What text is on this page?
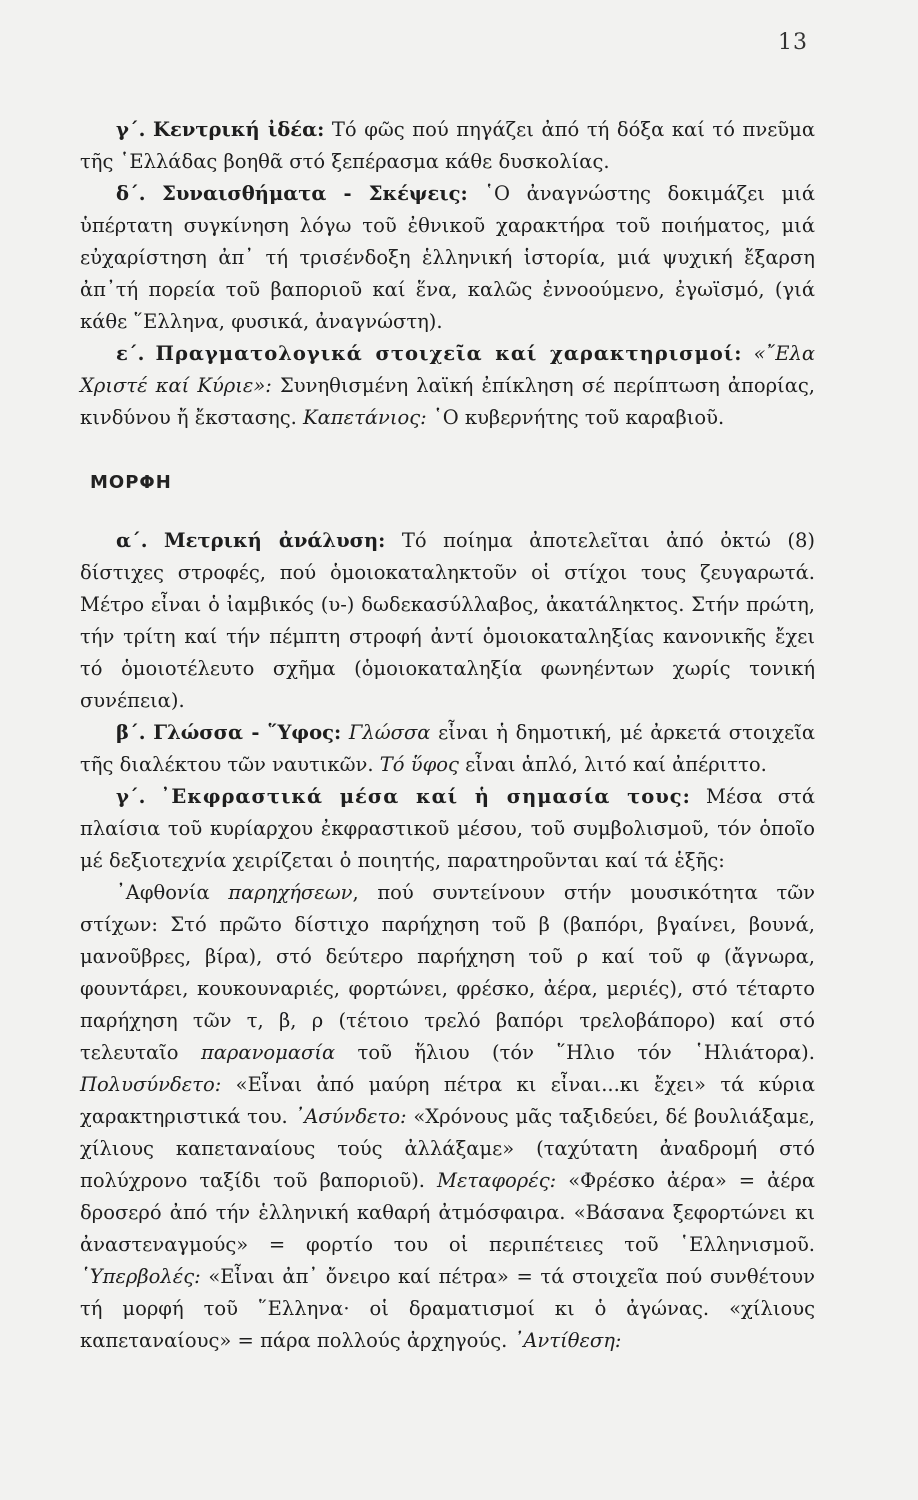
13

γ΄. Κεντρική ἰδέα: Τό φῶς πού πηγάζει ἀπό τή δόξα καί τό πνεῦμα τῆς ῾Ελλάδας βοηθᾶ στό ξεπέρασμα κάθε δυσκολίας.

δ΄. Συναισθήματα - Σκέψεις: ῾Ο ἀναγνώστης δοκιμάζει μιά ὑπέρτατη συγκίνηση λόγω τοῦ ἐθνικοῦ χαρακτήρα τοῦ ποιήματος, μιά εὐχαρίστηση ἀπ᾽ τή τρισένδοξη ἑλληνική ἱστορία, μιά ψυχική ἔξαρση ἀπ᾽τή πορεία τοῦ βαποριοῦ καί ἕνα, καλῶς ἐννοούμενο, ἐγωϊσμό, (γιά κάθε ῞Ελληνα, φυσικά, ἀναγνώστη).

ε΄. Πραγματολογικά στοιχεῖα καί χαρακτηρισμοί: «῎Ελα Χριστέ καί Κύριε»: Συνηθισμένη λαϊκή ἐπίκληση σέ περίπτωση ἀπορίας, κινδύνου ἤ ἔκστασης. Καπετάνιος: ῾Ο κυβερνήτης τοῦ καραβιοῦ.

ΜΟΡΦΗ

α΄. Μετρική ἀνάλυση: Τό ποίημα ἀποτελεῖται ἀπό ὀκτώ (8) δίστιχες στροφές, πού ὁμοιοκαταληκτοῦν οἱ στίχοι τους ζευγαρωτά. Μέτρο εἶναι ὁ ἰαμβικός (υ-) δωδεκασύλλαβος, ἀκατάληκτος. Στήν πρώτη, τήν τρίτη καί τήν πέμπτη στροφή ἀντί ὁμοιοκαταληξίας κανονικῆς ἔχει τό ὁμοιοτέλευτο σχῆμα (ὁμοιοκαταληξία φωνηέντων χωρίς τονική συνέπεια).

β΄. Γλώσσα - ῞Υφος: Γλώσσα εἶναι ἡ δημοτική, μέ ἀρκετά στοιχεῖα τῆς διαλέκτου τῶν ναυτικῶν. Τό ὕφος εἶναι ἁπλό, λιτό καί ἀπέριττο.

γ΄. ᾽Εκφραστικά μέσα καί ἡ σημασία τους: Μέσα στά πλαίσια τοῦ κυρίαρχου ἐκφραστικοῦ μέσου, τοῦ συμβολισμοῦ, τόν ὁποῖο μέ δεξιοτεχνία χειρίζεται ὁ ποιητής, παρατηροῦνται καί τά ἑξῆς:

᾽Αφθονία παρηχήσεων, πού συντείνουν στήν μουσικότητα τῶν στίχων: Στό πρῶτο δίστιχο παρήχηση τοῦ β (βαπόρι, βγαίνει, βουνά, μανοῦβρες, βίρα), στό δεύτερο παρήχηση τοῦ ρ καί τοῦ φ (ἄγνωρα, φουντάρει, κουκουναριές, φορτώνει, φρέσκο, ἀέρα, μεριές), στό τέταρτο παρήχηση τῶν τ, β, ρ (τέτοιο τρελό βαπόρι τρελοβάπορο) καί στό τελευταῖο παρανομασία τοῦ ἥλιου (τόν ῞Ηλιο τόν ῾Ηλιάτορα). Πολυσύνδετο: «Εἶναι ἀπό μαύρη πέτρα κι εἶναι...κι ἔχει» τά κύρια χαρακτηριστικά του. ᾽Ασύνδετο: «Χρόνους μᾶς ταξιδεύει, δέ βουλιάξαμε, χίλιους καπεταναίους τούς ἀλλάξαμε» (ταχύτατη ἀναδρομή στό πολύχρονο ταξίδι τοῦ βαποριοῦ). Μεταφορές: «Φρέσκο ἀέρα» = ἀέρα δροσερό ἀπό τήν ἑλληνική καθαρή ἀτμόσφαιρα. «Βάσανα ξεφορτώνει κι ἀναστεναγμούς» = φορτίο του οἱ περιπέτειες τοῦ ῾Ελληνισμοῦ. ῾Υπερβολές: «Εἶναι ἀπ᾽ ὄνειρο καί πέτρα» = τά στοιχεῖα πού συνθέτουν τή μορφή τοῦ ῞Ελληνα· οἱ δραματισμοί κι ὁ ἀγώνας. «χίλιους καπεταναίους» = πάρα πολλούς ἀρχηγούς. ᾽Αντίθεση:
